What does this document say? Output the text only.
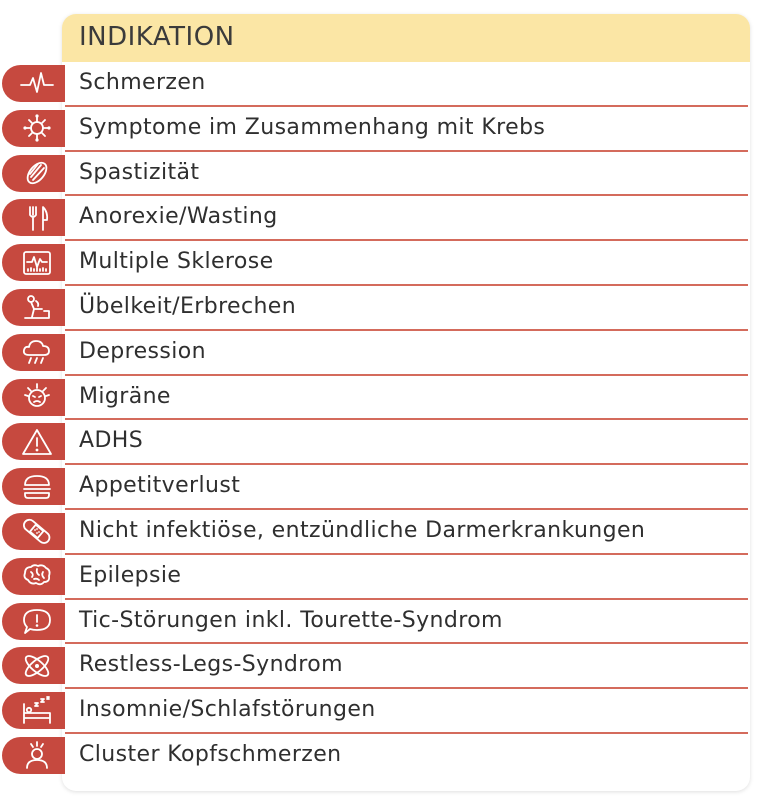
INDIKATION
Schmerzen
Symptome im Zusammenhang mit Krebs
Spastizität
Anorexie/Wasting
Multiple Sklerose
Übelkeit/Erbrechen
Depression
Migräne
ADHS
Appetitverlust
Nicht infektiöse, entzündliche Darmerkrankungen
Epilepsie
Tic-Störungen inkl. Tourette-Syndrom
Restless-Legs-Syndrom
Insomnie/Schlafstörungen
Cluster Kopfschmerzen
